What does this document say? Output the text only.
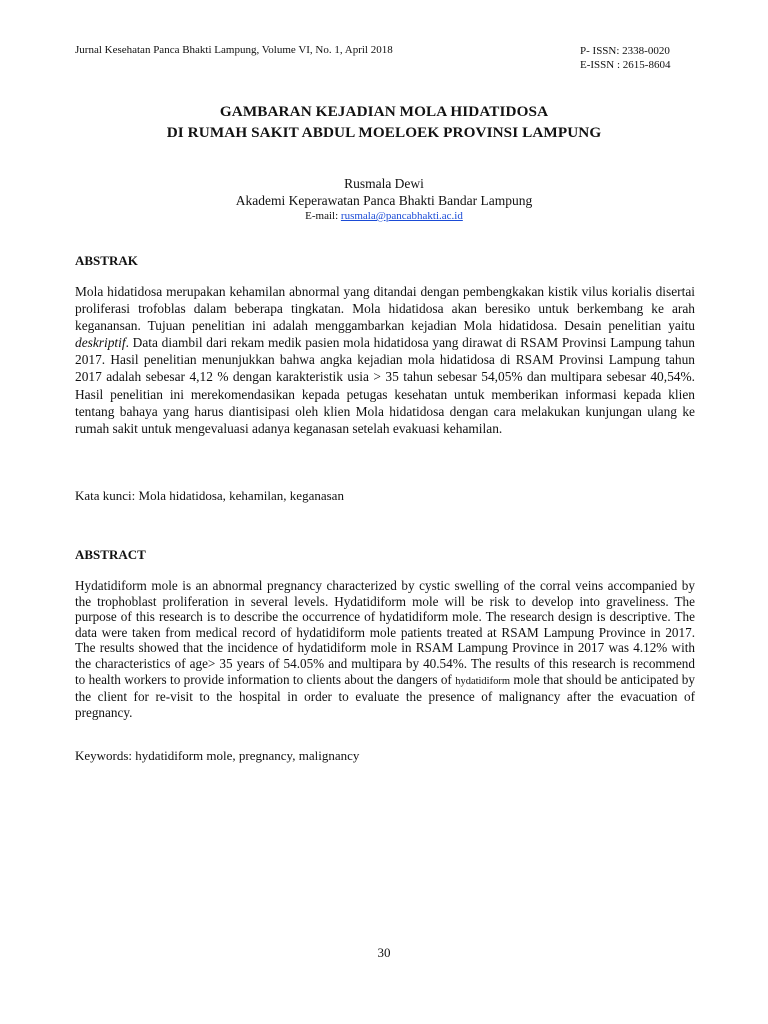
Jurnal Kesehatan Panca Bhakti Lampung, Volume VI, No. 1, April 2018	P- ISSN: 2338-0020
E-ISSN : 2615-8604
GAMBARAN KEJADIAN MOLA HIDATIDOSA
DI RUMAH SAKIT ABDUL MOELOEK PROVINSI LAMPUNG
Rusmala Dewi
Akademi Keperawatan Panca Bhakti Bandar Lampung
E-mail: rusmala@pancabhakti.ac.id
ABSTRAK
Mola hidatidosa merupakan kehamilan abnormal yang ditandai dengan pembengkakan kistik vilus korialis disertai proliferasi trofoblas dalam beberapa tingkatan. Mola hidatidosa akan beresiko untuk berkembang ke arah keganansan. Tujuan penelitian ini adalah menggambarkan kejadian Mola hidatidosa. Desain penelitian yaitu deskriptif. Data diambil dari rekam medik pasien mola hidatidosa yang dirawat di RSAM Provinsi Lampung tahun 2017. Hasil penelitian menunjukkan bahwa angka kejadian mola hidatidosa di RSAM Provinsi Lampung tahun 2017 adalah sebesar 4,12 % dengan karakteristik usia > 35 tahun sebesar 54,05% dan multipara sebesar 40,54%. Hasil penelitian ini merekomendasikan kepada petugas kesehatan untuk memberikan informasi kepada klien tentang bahaya yang harus diantisipasi oleh klien Mola hidatidosa dengan cara melakukan kunjungan ulang ke rumah sakit untuk mengevaluasi adanya keganasan setelah evakuasi kehamilan.
Kata kunci: Mola hidatidosa, kehamilan, keganasan
ABSTRACT
Hydatidiform mole is an abnormal pregnancy characterized by cystic swelling of the corral veins accompanied by the trophoblast proliferation in several levels. Hydatidiform mole will be risk to develop into graveliness. The purpose of this research is to describe the occurrence of hydatidiform mole. The research design is descriptive. The data were taken from medical record of hydatidiform mole patients treated at RSAM Lampung Province in 2017. The results showed that the incidence of hydatidiform mole in RSAM Lampung Province in 2017 was 4.12% with the characteristics of age> 35 years of 54.05% and multipara by 40.54%. The results of this research is recommend to health workers to provide information to clients about the dangers of hydatidiform mole that should be anticipated by the client for re-visit to the hospital in order to evaluate the presence of malignancy after the evacuation of pregnancy.
Keywords: hydatidiform mole, pregnancy, malignancy
30
